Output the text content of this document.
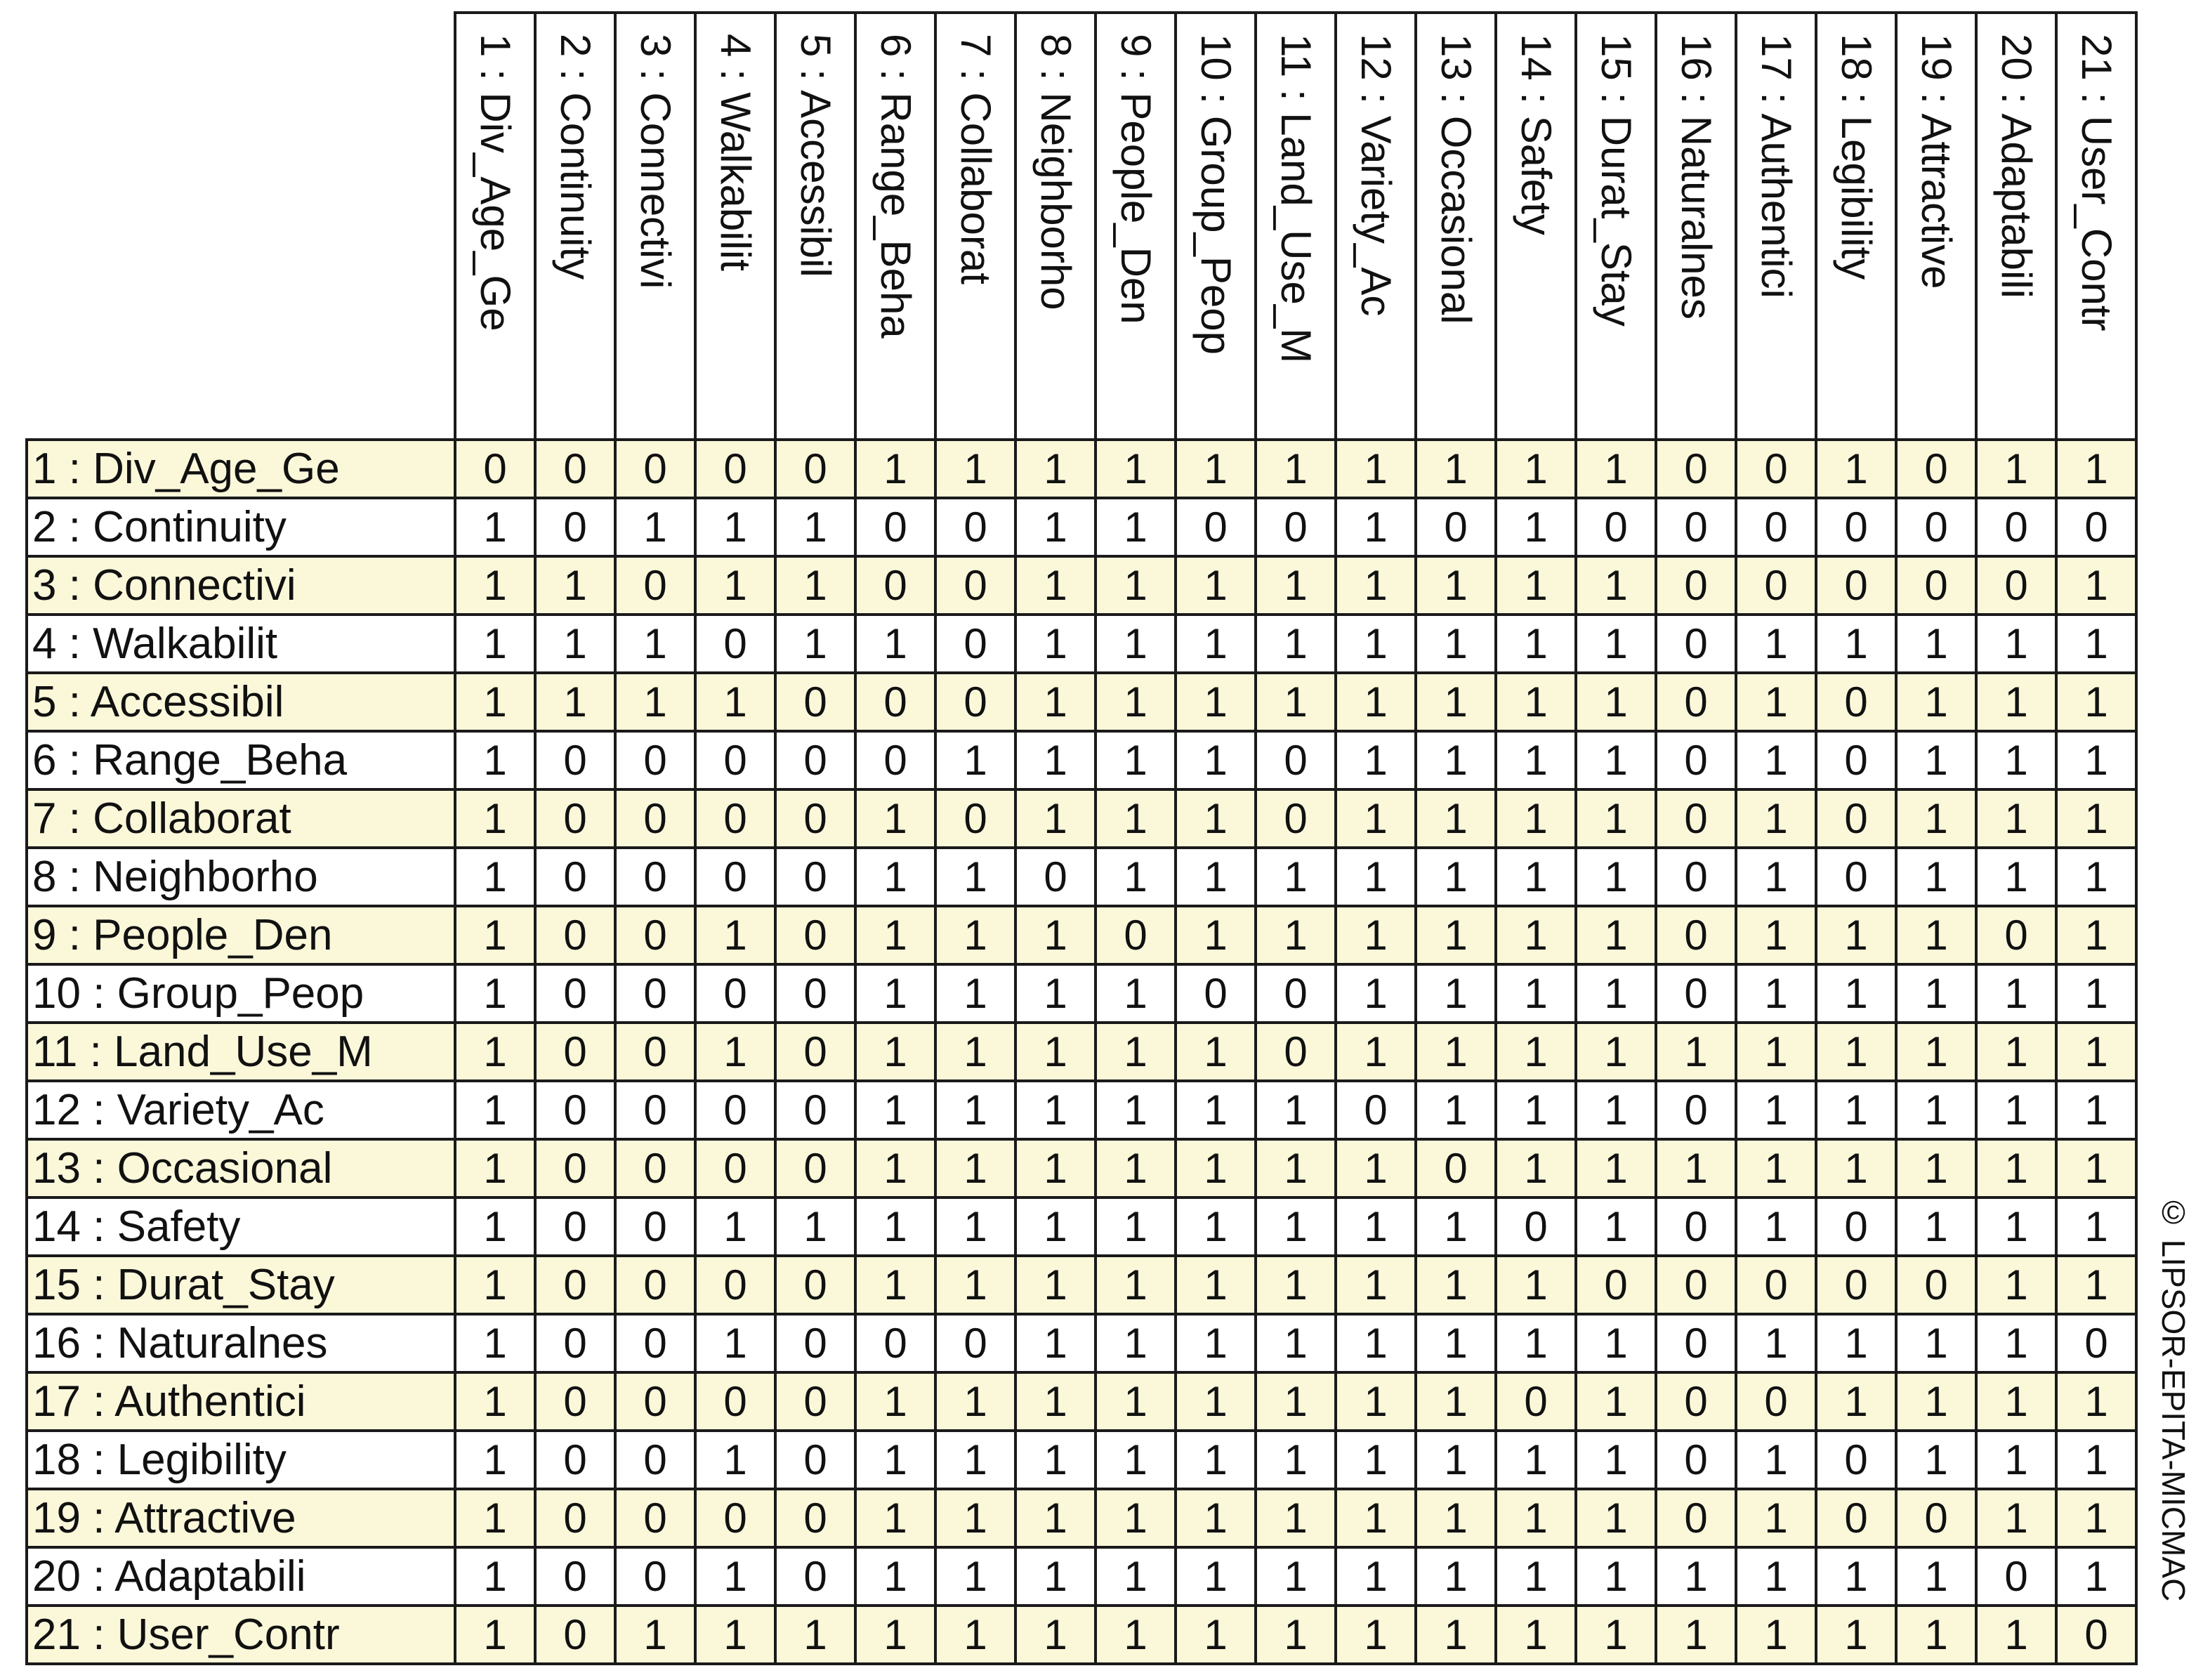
	1 : Div_Age_Ge	2 : Continuity	3 : Connectivi	4 : Walkabilit	5 : Accessibil	6 : Range_Beha	7 : Collaborat	8 : Neighborho	9 : People_Den	10 : Group_Peop	11 : Land_Use_M	12 : Variety_Ac	13 : Occasional	14 : Safety	15 : Durat_Stay	16 : Naturalnes	17 : Authentici	18 : Legibility	19 : Attractive	20 : Adaptabili	21 : User_Contr
1 : Div_Age_Ge	0	0	0	0	0	1	1	1	1	1	1	1	1	1	1	0	0	1	0	1	1
2 : Continuity	1	0	1	1	1	0	0	1	1	0	0	1	0	1	0	0	0	0	0	0	0
3 : Connectivi	1	1	0	1	1	0	0	1	1	1	1	1	1	1	1	0	0	0	0	0	1
4 : Walkabilit	1	1	1	0	1	1	0	1	1	1	1	1	1	1	1	0	1	1	1	1	1
5 : Accessibil	1	1	1	1	0	0	0	1	1	1	1	1	1	1	1	0	1	0	1	1	1
6 : Range_Beha	1	0	0	0	0	0	1	1	1	1	0	1	1	1	1	0	1	0	1	1	1
7 : Collaborat	1	0	0	0	0	1	0	1	1	1	0	1	1	1	1	0	1	0	1	1	1
8 : Neighborho	1	0	0	0	0	1	1	0	1	1	1	1	1	1	1	0	1	0	1	1	1
9 : People_Den	1	0	0	1	0	1	1	1	0	1	1	1	1	1	1	0	1	1	1	0	1
10 : Group_Peop	1	0	0	0	0	1	1	1	1	0	0	1	1	1	1	0	1	1	1	1	1
11 : Land_Use_M	1	0	0	1	0	1	1	1	1	1	0	1	1	1	1	1	1	1	1	1	1
12 : Variety_Ac	1	0	0	0	0	1	1	1	1	1	1	0	1	1	1	0	1	1	1	1	1
13 : Occasional	1	0	0	0	0	1	1	1	1	1	1	1	0	1	1	1	1	1	1	1	1
14 : Safety	1	0	0	1	1	1	1	1	1	1	1	1	1	0	1	0	1	0	1	1	1
15 : Durat_Stay	1	0	0	0	0	1	1	1	1	1	1	1	1	1	0	0	0	0	0	1	1
16 : Naturalnes	1	0	0	1	0	0	0	1	1	1	1	1	1	1	1	0	1	1	1	1	0
17 : Authentici	1	0	0	0	0	1	1	1	1	1	1	1	1	0	1	0	0	1	1	1	1
18 : Legibility	1	0	0	1	0	1	1	1	1	1	1	1	1	1	1	0	1	0	1	1	1
19 : Attractive	1	0	0	0	0	1	1	1	1	1	1	1	1	1	1	0	1	0	0	1	1
20 : Adaptabili	1	0	0	1	0	1	1	1	1	1	1	1	1	1	1	1	1	1	1	0	1
21 : User_Contr	1	0	1	1	1	1	1	1	1	1	1	1	1	1	1	1	1	1	1	1	0
© LIPSOR-EPITA-MICMAC
